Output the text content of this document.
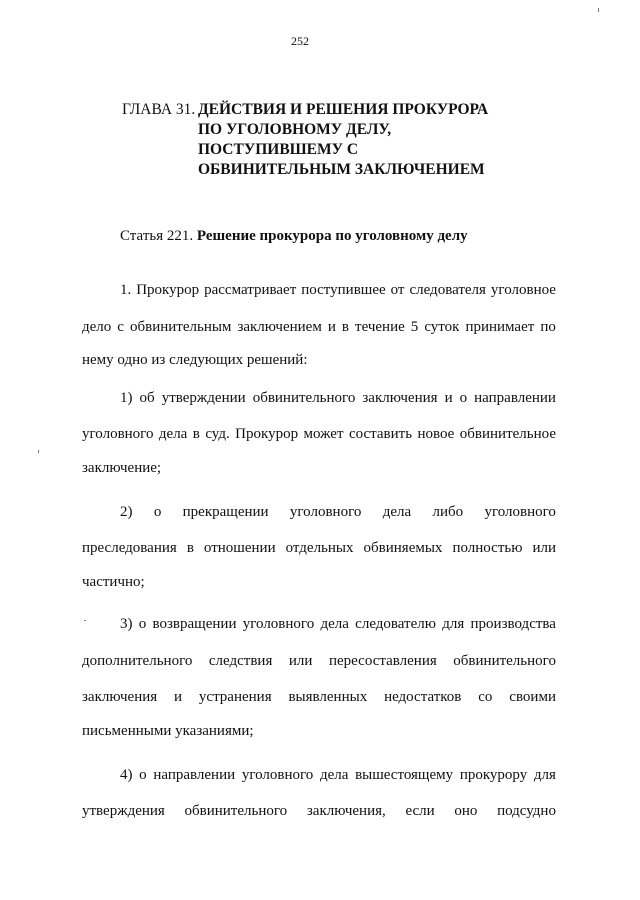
252
ГЛАВА 31. ДЕЙСТВИЯ И РЕШЕНИЯ ПРОКУРОРА
ПО УГОЛОВНОМУ ДЕЛУ,
ПОСТУПИВШЕМУ С
ОБВИНИТЕЛЬНЫМ ЗАКЛЮЧЕНИЕМ
Статья 221. Решение прокурора по уголовному делу
1. Прокурор рассматривает поступившее от следователя уголовное
дело с обвинительным заключением и в течение 5 суток принимает по
нему одно из следующих решений:
1) об утверждении обвинительного заключения и о направлении
уголовного дела в суд. Прокурор может составить новое обвинительное
заключение;
2) о прекращении уголовного дела либо уголовного
преследования в отношении отдельных обвиняемых полностью или
частично;
3) о возвращении уголовного дела следователю для производства
дополнительного следствия или пересоставления обвинительного
заключения и устранения выявленных недостатков со своими
письменными указаниями;
4) о направлении уголовного дела вышестоящему прокурору для
утверждения обвинительного заключения, если оно подсудно
